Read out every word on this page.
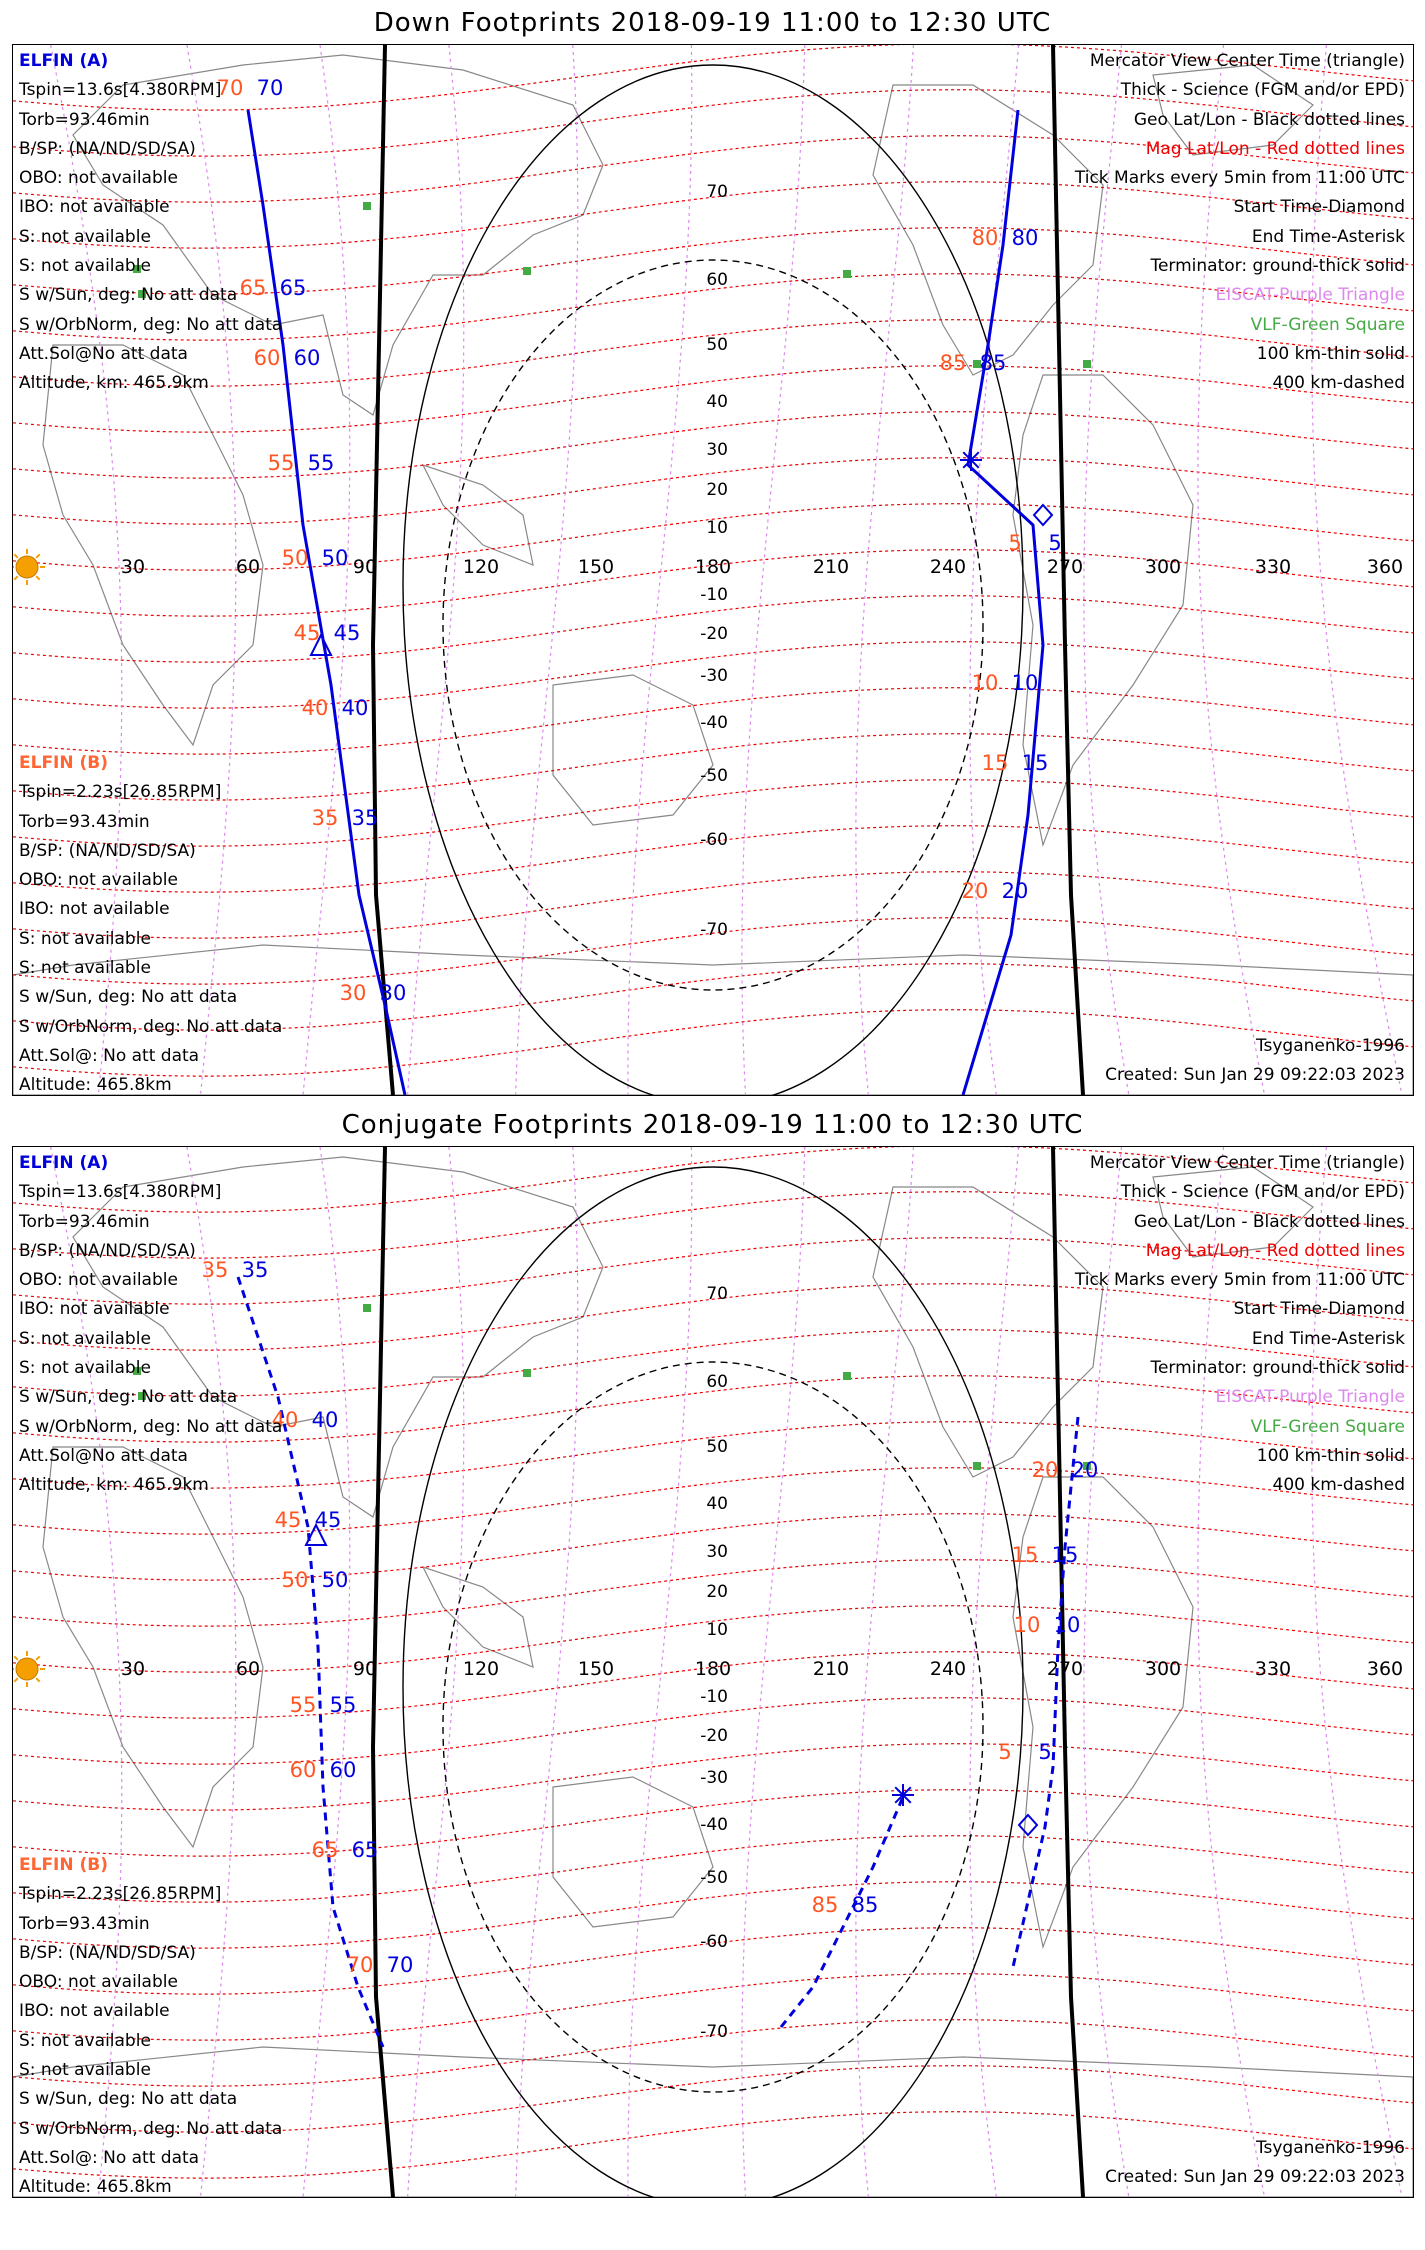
Down Footprints 2018-09-19 11:00 to 12:30 UTC
30	60	90	120	150	180	210	240	270	300	330	360
70
60
50
40
30
20
10
-10
-20
-30
-40
-50
-60
-70
70 70
65 65
60 60
55 55
50 50
45 45
40 40
35 35
30 30
80 80
85 85
5 5
10 10
15 15
20 20
ELFIN (A)
Tspin=13.6s[4.380RPM]
Torb=93.46min
B/SP: (NA/ND/SD/SA)
OBO: not available
IBO: not available
S: not available
S: not available
S w/Sun, deg: No att data
S w/OrbNorm, deg: No att data
Att.Sol@No att data
Altitude, km: 465.9km
ELFIN (B)
Tspin=2.23s[26.85RPM]
Torb=93.43min
B/SP: (NA/ND/SD/SA)
OBO: not available
IBO: not available
S: not available
S: not available
S w/Sun, deg: No att data
S w/OrbNorm, deg: No att data
Att.Sol@: No att data
Altitude: 465.8km
Mercator View Center Time (triangle)
Thick - Science (FGM and/or EPD)
Geo Lat/Lon - Black dotted lines
Mag Lat/Lon - Red dotted lines
Tick Marks every 5min from 11:00 UTC
Start Time-Diamond
End Time-Asterisk
Terminator: ground-thick solid
EISCAT-Purple Triangle
VLF-Green Square
100 km-thin solid
400 km-dashed
Tsyganenko-1996
Created: Sun Jan 29 09:22:03 2023
Conjugate Footprints 2018-09-19 11:00 to 12:30 UTC
30	60	90	120	150	180	210	240	270	300	330	360
70
60
50
40
30
20
10
-10
-20
-30
-40
-50
-60
-70
35 35
40 40
45 45
50 50
55 55
60 60
65 65
70 70
20 20
15 15
10 10
5 5
85 85
ELFIN (A)
Tspin=13.6s[4.380RPM]
Torb=93.46min
B/SP: (NA/ND/SD/SA)
OBO: not available
IBO: not available
S: not available
S: not available
S w/Sun, deg: No att data
S w/OrbNorm, deg: No att data
Att.Sol@No att data
Altitude, km: 465.9km
ELFIN (B)
Tspin=2.23s[26.85RPM]
Torb=93.43min
B/SP: (NA/ND/SD/SA)
OBO: not available
IBO: not available
S: not available
S: not available
S w/Sun, deg: No att data
S w/OrbNorm, deg: No att data
Att.Sol@: No att data
Altitude: 465.8km
Mercator View Center Time (triangle)
Thick - Science (FGM and/or EPD)
Geo Lat/Lon - Black dotted lines
Mag Lat/Lon - Red dotted lines
Tick Marks every 5min from 11:00 UTC
Start Time-Diamond
End Time-Asterisk
Terminator: ground-thick solid
EISCAT-Purple Triangle
VLF-Green Square
100 km-thin solid
400 km-dashed
Tsyganenko-1996
Created: Sun Jan 29 09:22:03 2023
